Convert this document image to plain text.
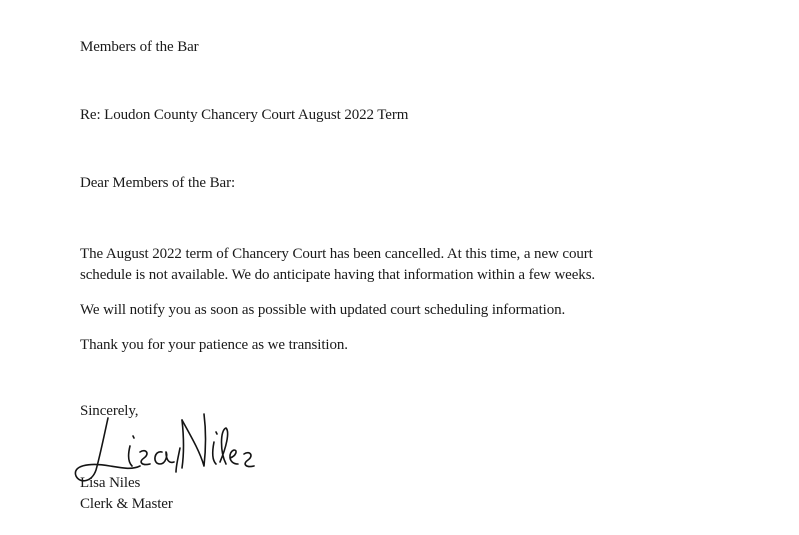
Members of the Bar
Re: Loudon County Chancery Court August 2022 Term
Dear Members of the Bar:
The August 2022 term of Chancery Court has been cancelled. At this time, a new court
schedule is not available. We do anticipate having that information within a few weeks.
We will notify you as soon as possible with updated court scheduling information.
Thank you for your patience as we transition.
Sincerely,
Lisa Niles
Clerk & Master
